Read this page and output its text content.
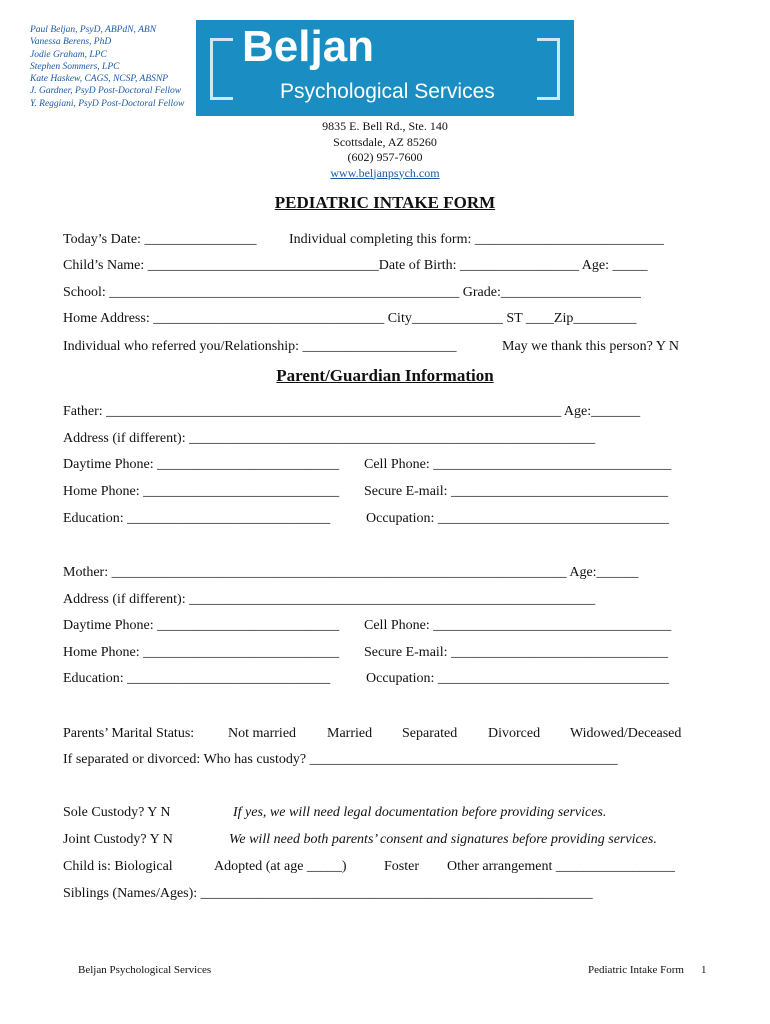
Paul Beljan, PsyD, ABPdN, ABN
Vanessa Berens, PhD
Jodie Graham, LPC
Stephen Sommers, LPC
Kate Haskew, CAGS, NCSP, ABSNP
J. Gardner, PsyD Post-Doctoral Fellow
Y. Reggiani, PsyD Post-Doctoral Fellow
Beljan
Psychological Services
9835 E. Bell Rd., Ste. 140
Scottsdale, AZ 85260
(602) 957-7600
www.beljanpsych.com
PEDIATRIC INTAKE FORM
Today’s Date: ________________ Individual completing this form: ___________________________
Child’s Name: _________________________________Date of Birth: _________________ Age: _____
School: __________________________________________________ Grade:____________________
Home Address: _________________________________ City_____________ ST ____Zip_________
Individual who referred you/Relationship: ______________________	May we thank this person? Y N
Parent/Guardian Information
Father: _________________________________________________________________ Age:_______
Address (if different): __________________________________________________________
Daytime Phone: __________________________ Cell Phone: __________________________________
Home Phone: ____________________________ Secure E-mail: _______________________________
Education: _____________________________	Occupation: _________________________________
Mother: _________________________________________________________________ Age:______
Address (if different): __________________________________________________________
Daytime Phone: __________________________ Cell Phone: __________________________________
Home Phone: ____________________________ Secure E-mail: _______________________________
Education: _____________________________	Occupation: _________________________________
Parents’ Marital Status: Not married Married Separated Divorced Widowed/Deceased
If separated or divorced: Who has custody? ____________________________________________
Sole Custody? Y N	If yes, we will need legal documentation before providing services.
Joint Custody? Y N	We will need both parents’ consent and signatures before providing services.
Child is: Biological	Adopted (at age _____)	Foster Other arrangement _________________
Siblings (Names/Ages): ________________________________________________________
Beljan Psychological Services	Pediatric Intake Form 1
